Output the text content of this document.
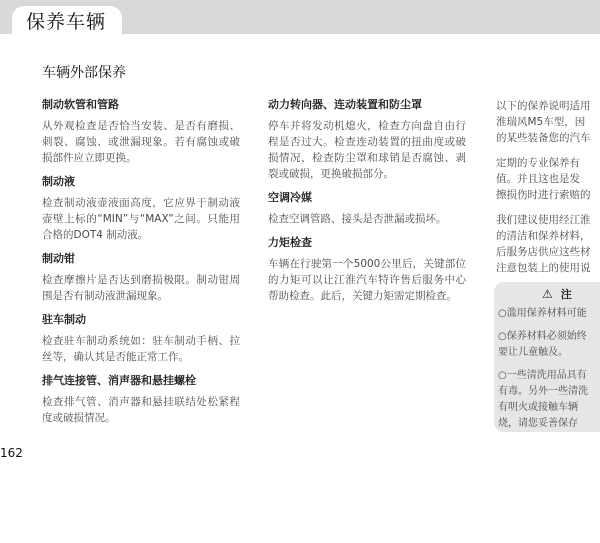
保养车辆
车辆外部保养
制动软管和管路
从外观检查是否恰当安装、是否有磨损、刺裂、腐蚀、或泄漏现象。若有腐蚀或破损部件应立即更换。
制动液
检查制动液壶液面高度，它应界于制动液壶壁上标的“MIN”与“MAX”之间。只能用合格的DOT4 制动液。
制动钳
检查摩擦片是否达到磨损极限。制动钳周围是否有制动液泄漏现象。
驻车制动
检查驻车制动系统如：驻车制动手柄、拉丝等，确认其是否能正常工作。
排气连接管、消声器和悬挂螺栓
检查排气管、消声器和悬挂联结处松紧程度或破损情况。
动力转向器、连动装置和防尘罩
停车并将发动机熄火，检查方向盘自由行程是否过大。检查连动装置的扭曲度或破损情况，检查防尘罩和球销是否腐蚀、剥裂或破损，更换破损部分。
空调冷媒
检查空调管路、接头是否泄漏或损坏。
力矩检查
车辆在行驶第一个5000公里后，关键部位的力矩可以让江淮汽车特许售后服务中心帮助检查。此后，关键力矩需定期检查。
以下的保养说明适用
淮瑞风M5车型，因
的某些装备您的汽车
定期的专业保养有
值。并且这也是发
擦损伤时进行索赔的
我们建议使用经江淮
的清洁和保养材料，
后服务店供应这些材
注意包装上的使用说
⚠ 注
○滥用保养材料可能
○保养材料必须始终
要让儿童触及。
○一些清洗用品具有
有毒。另外一些清洗
有明火或接触车辆
烧，请您妥善保存
162
